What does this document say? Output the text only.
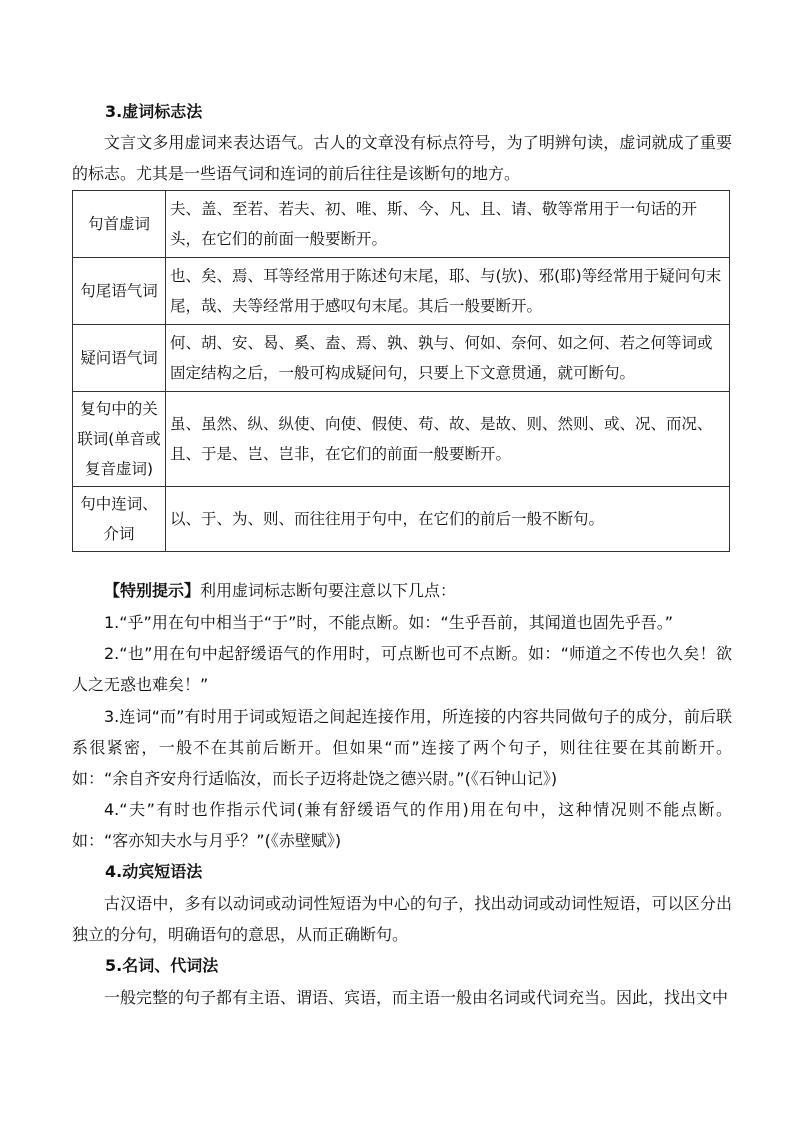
3.虚词标志法
文言文多用虚词来表达语气。古人的文章没有标点符号，为了明辨句读，虚词就成了重要的标志。尤其是一些语气词和连词的前后往往是该断句的地方。
句首虚词	夫、盖、至若、若夫、初、唯、斯、今、凡、且、请、敬等常用于一句话的开头，在它们的前面一般要断开。
句尾语气词	也、矣、焉、耳等经常用于陈述句末尾，耶、与(欤)、邪(耶)等经常用于疑问句末尾，哉、夫等经常用于感叹句末尾。其后一般要断开。
疑问语气词	何、胡、安、曷、奚、盍、焉、孰、孰与、何如、奈何、如之何、若之何等词或固定结构之后，一般可构成疑问句，只要上下文意贯通，就可断句。
复句中的关联词(单音或复音虚词)	虽、虽然、纵、纵使、向使、假使、苟、故、是故、则、然则、或、况、而况、且、于是、岂、岂非，在它们的前面一般要断开。
句中连词、介词	以、于、为、则、而往往用于句中，在它们的前后一般不断句。
【特别提示】利用虚词标志断句要注意以下几点：
1.“乎”用在句中相当于“于”时，不能点断。如：“生乎吾前，其闻道也固先乎吾。”
2.“也”用在句中起舒缓语气的作用时，可点断也可不点断。如：“师道之不传也久矣！欲人之无惑也难矣！”
3.连词“而”有时用于词或短语之间起连接作用，所连接的内容共同做句子的成分，前后联系很紧密，一般不在其前后断开。但如果“而”连接了两个句子，则往往要在其前断开。如：“余自齐安舟行适临汝，而长子迈将赴饶之德兴尉。”(《石钟山记》)
4.“夫”有时也作指示代词(兼有舒缓语气的作用)用在句中，这种情况则不能点断。如：“客亦知夫水与月乎？”(《赤壁赋》)
4.动宾短语法
古汉语中，多有以动词或动词性短语为中心的句子，找出动词或动词性短语，可以区分出独立的分句，明确语句的意思，从而正确断句。
5.名词、代词法
一般完整的句子都有主语、谓语、宾语，而主语一般由名词或代词充当。因此，找出文中
